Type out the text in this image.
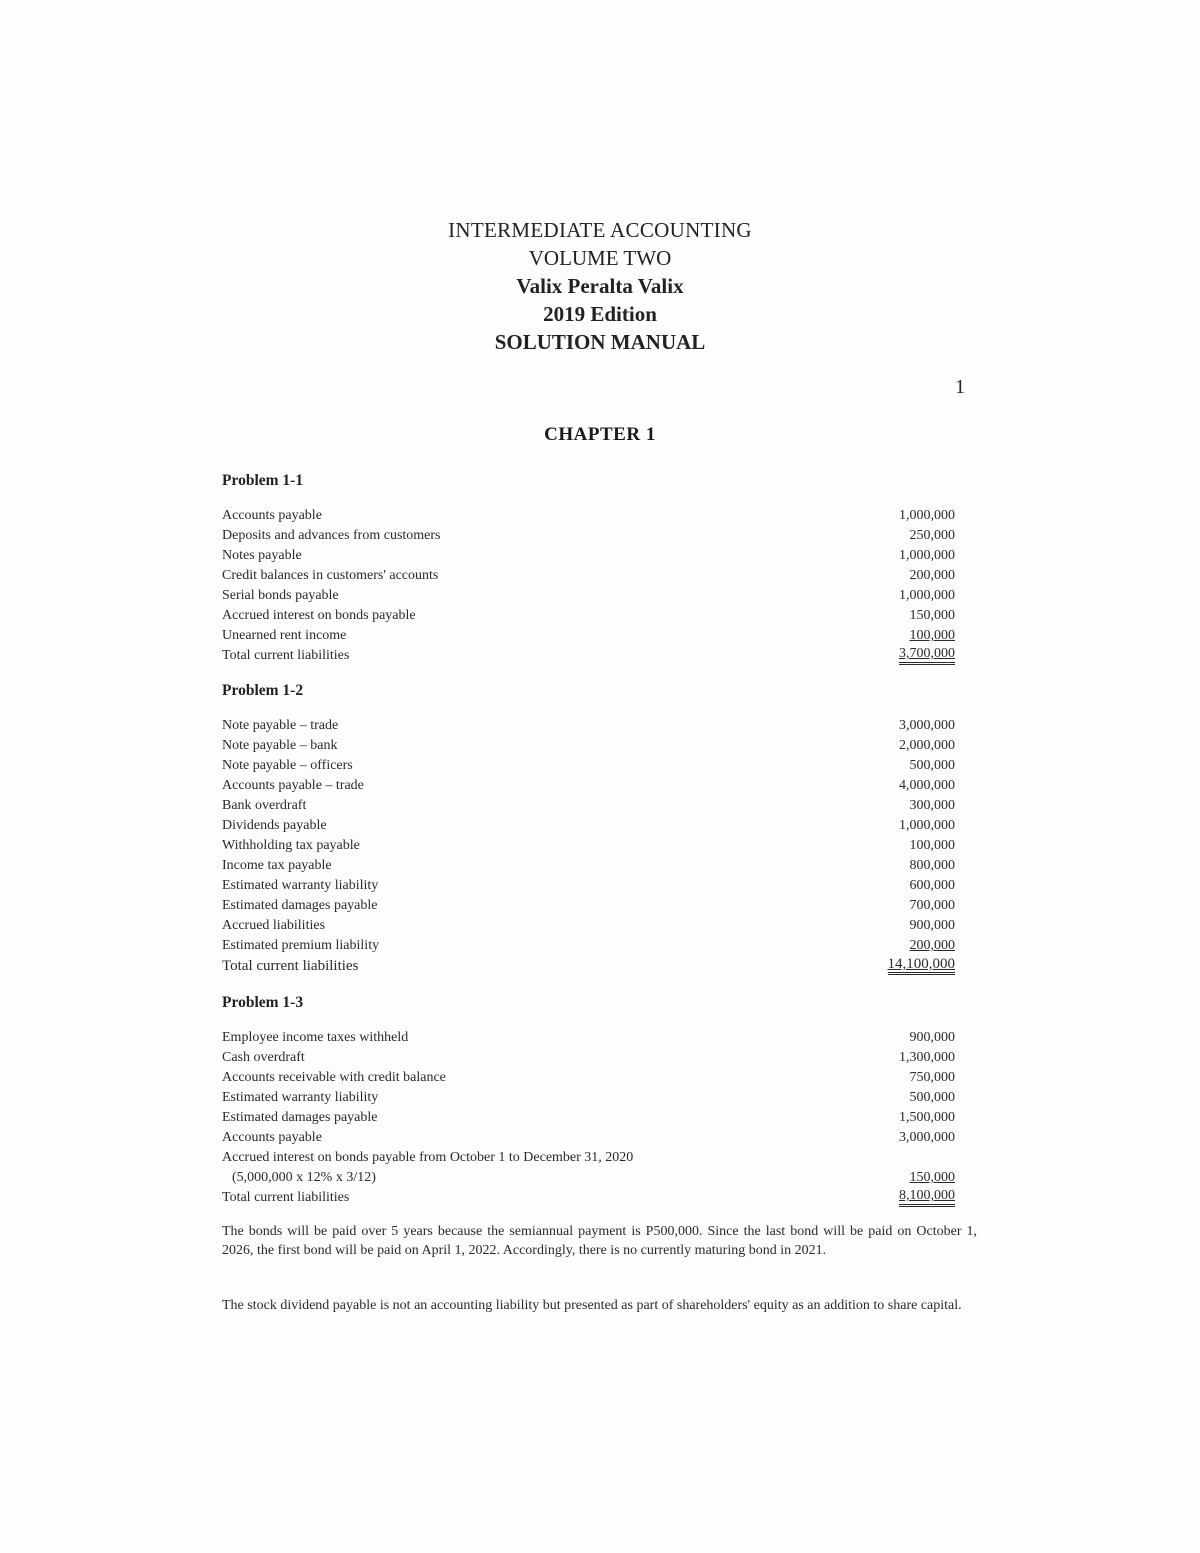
INTERMEDIATE ACCOUNTING
VOLUME TWO
Valix Peralta Valix
2019 Edition
SOLUTION MANUAL
1
CHAPTER 1
Problem 1-1
Accounts payable	1,000,000
Deposits and advances from customers	250,000
Notes payable	1,000,000
Credit balances in customers' accounts	200,000
Serial bonds payable	1,000,000
Accrued interest on bonds payable	150,000
Unearned rent income	100,000
Total current liabilities	3,700,000
Problem 1-2
Note payable – trade	3,000,000
Note payable – bank	2,000,000
Note payable – officers	500,000
Accounts payable – trade	4,000,000
Bank overdraft	300,000
Dividends payable	1,000,000
Withholding tax payable	100,000
Income tax payable	800,000
Estimated warranty liability	600,000
Estimated damages payable	700,000
Accrued liabilities	900,000
Estimated premium liability	200,000
Total current liabilities	14,100,000
Problem 1-3
Employee income taxes withheld	900,000
Cash overdraft	1,300,000
Accounts receivable with credit balance	750,000
Estimated warranty liability	500,000
Estimated damages payable	1,500,000
Accounts payable	3,000,000
Accrued interest on bonds payable from October 1 to December 31, 2020
(5,000,000 x 12% x 3/12)	150,000
Total current liabilities	8,100,000
The bonds will be paid over 5 years because the semiannual payment is P500,000. Since the last bond will be paid on October 1, 2026, the first bond will be paid on April 1, 2022. Accordingly, there is no currently maturing bond in 2021.
The stock dividend payable is not an accounting liability but presented as part of shareholders' equity as an addition to share capital.
